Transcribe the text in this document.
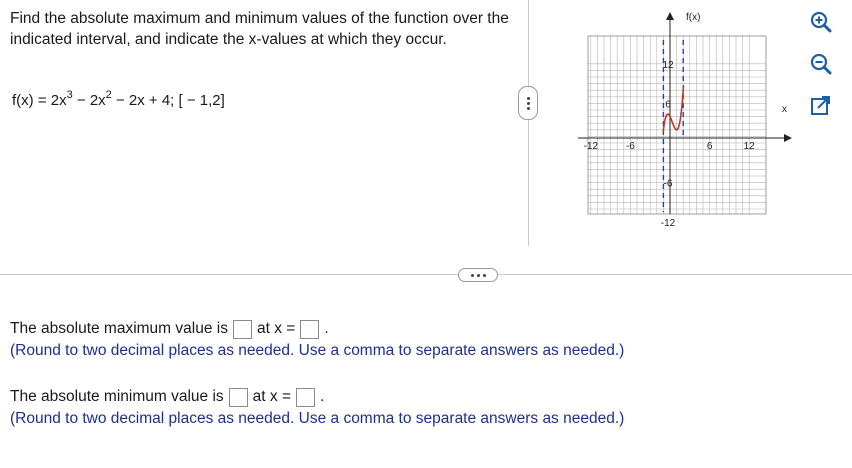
Find the absolute maximum and minimum values of the function over the indicated interval, and indicate the x-values at which they occur.
$f(x) = 2x^3 - 2x^2 - 2x + 4$; [ − 1,2]
-12	-6	6	12
12
6
-6
-12
f(x)
x
The absolute maximum value is at x = .
(Round to two decimal places as needed. Use a comma to separate answers as needed.)
The absolute minimum value is at x = .
(Round to two decimal places as needed. Use a comma to separate answers as needed.)
